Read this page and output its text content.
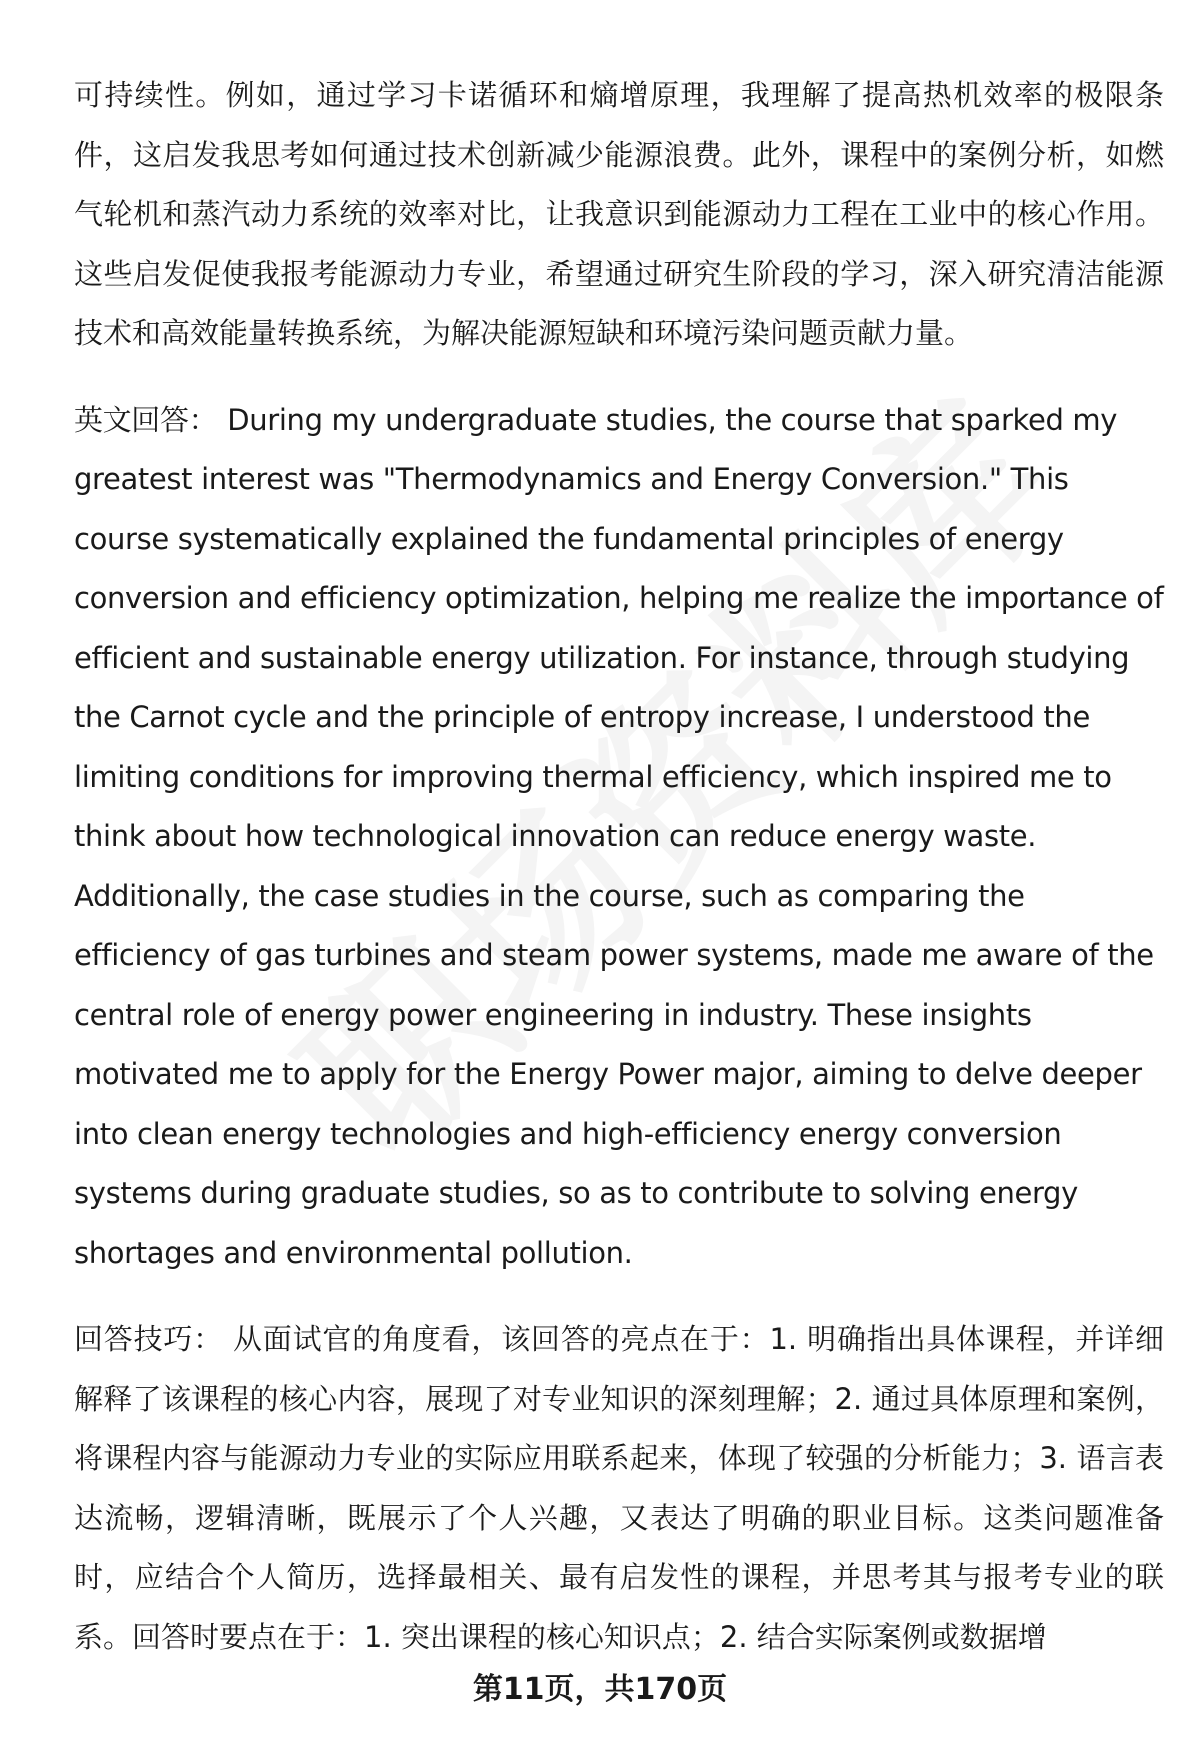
可持续性。例如，通过学习卡诺循环和熵增原理，我理解了提高热机效率的极限条件，这启发我思考如何通过技术创新减少能源浪费。此外，课程中的案例分析，如燃气轮机和蒸汽动力系统的效率对比，让我意识到能源动力工程在工业中的核心作用。这些启发促使我报考能源动力专业，希望通过研究生阶段的学习，深入研究清洁能源技术和高效能量转换系统，为解决能源短缺和环境污染问题贡献力量。

英文回答： During my undergraduate studies, the course that sparked my greatest interest was "Thermodynamics and Energy Conversion." This course systematically explained the fundamental principles of energy conversion and efficiency optimization, helping me realize the importance of efficient and sustainable energy utilization. For instance, through studying the Carnot cycle and the principle of entropy increase, I understood the limiting conditions for improving thermal efficiency, which inspired me to think about how technological innovation can reduce energy waste. Additionally, the case studies in the course, such as comparing the efficiency of gas turbines and steam power systems, made me aware of the central role of energy power engineering in industry. These insights motivated me to apply for the Energy Power major, aiming to delve deeper into clean energy technologies and high-efficiency energy conversion systems during graduate studies, so as to contribute to solving energy shortages and environmental pollution.

回答技巧： 从面试官的角度看，该回答的亮点在于：1. 明确指出具体课程，并详细解释了该课程的核心内容，展现了对专业知识的深刻理解；2. 通过具体原理和案例，将课程内容与能源动力专业的实际应用联系起来，体现了较强的分析能力；3. 语言表达流畅，逻辑清晰，既展示了个人兴趣，又表达了明确的职业目标。这类问题准备时，应结合个人简历，选择最相关、最有启发性的课程，并思考其与报考专业的联系。回答时要点在于：1. 突出课程的核心知识点；2. 结合实际案例或数据增

第11页，共170页
